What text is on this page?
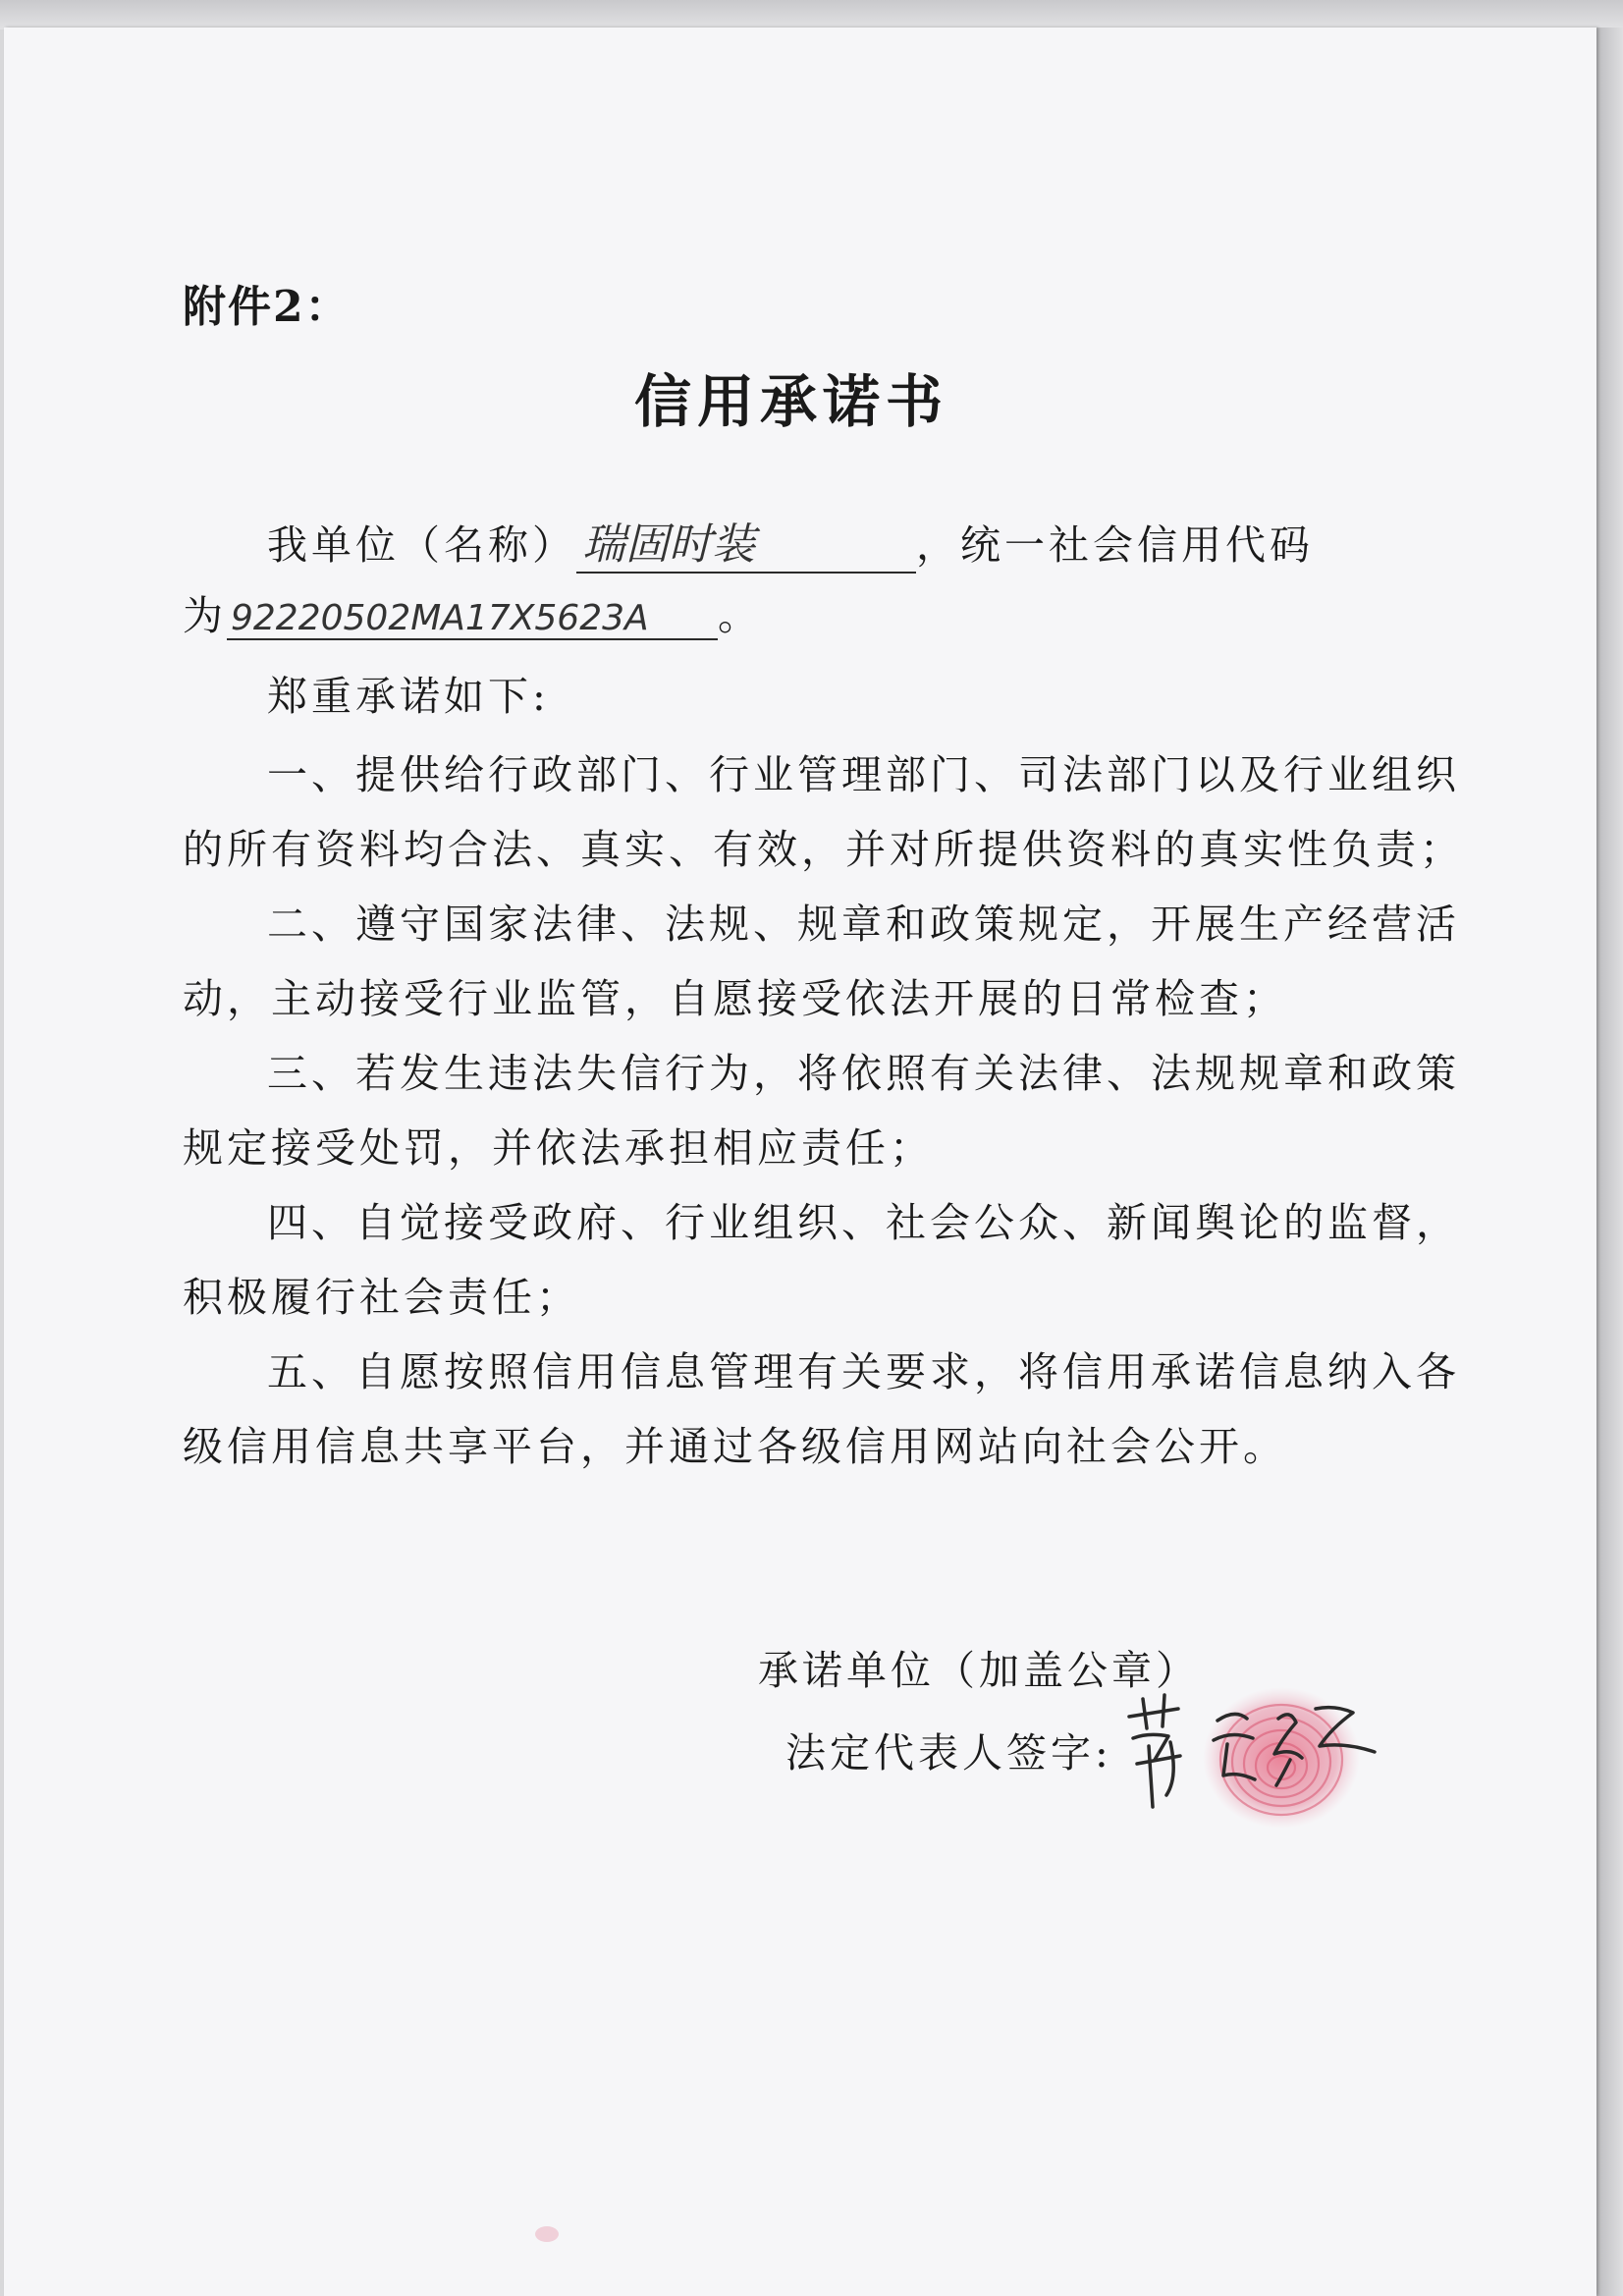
附件2：
信用承诺书
我单位（名称） 瑞固时装	，统一社会信用代码
为 92220502MA17X5623A 。
郑重承诺如下:
一、提供给行政部门、行业管理部门、司法部门以及行业组织
的所有资料均合法、真实、有效，并对所提供资料的真实性负责；
二、遵守国家法律、法规、规章和政策规定，开展生产经营活
动，主动接受行业监管，自愿接受依法开展的日常检查；
三、若发生违法失信行为，将依照有关法律、法规规章和政策
规定接受处罚，并依法承担相应责任；
四、自觉接受政府、行业组织、社会公众、新闻舆论的监督，
积极履行社会责任；
五、自愿按照信用信息管理有关要求，将信用承诺信息纳入各
级信用信息共享平台，并通过各级信用网站向社会公开。
承诺单位（加盖公章）
法定代表人签字:
